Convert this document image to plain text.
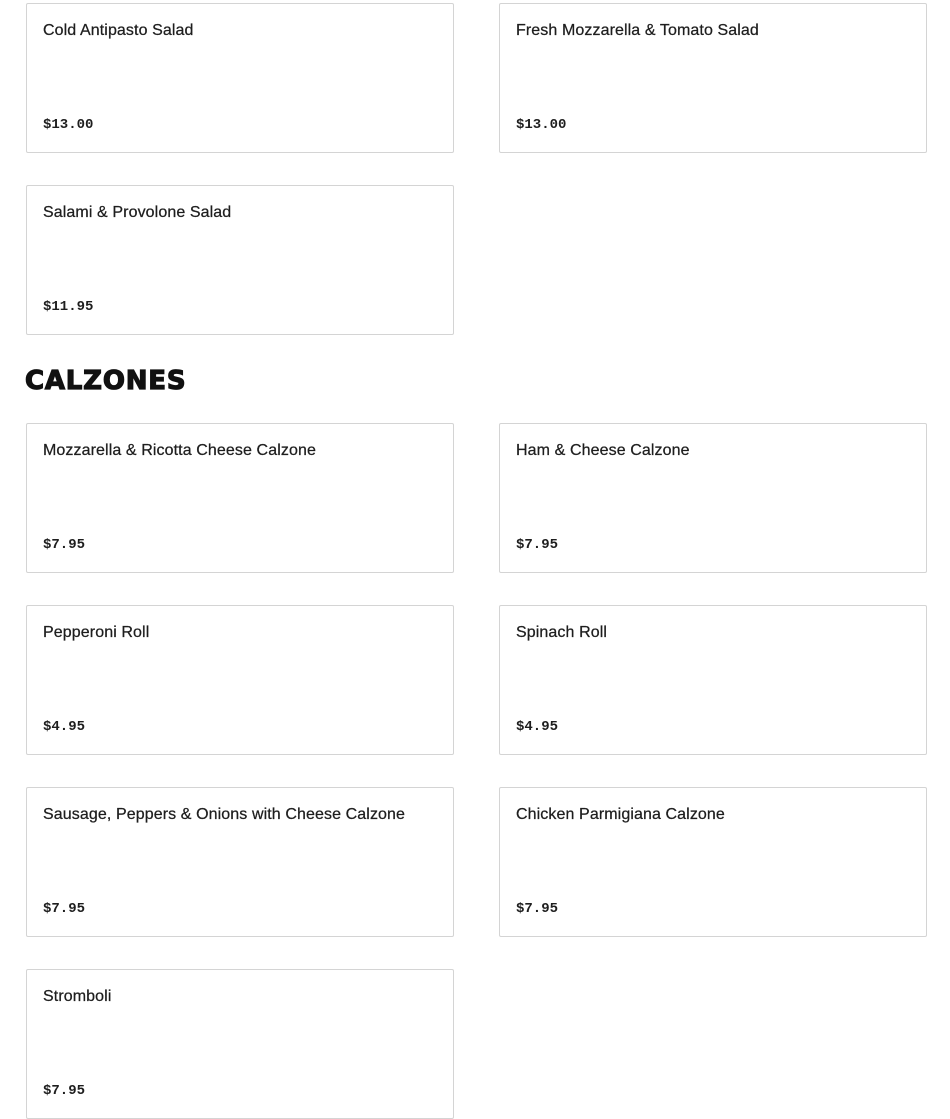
Cold Antipasto Salad
$13.00
Fresh Mozzarella & Tomato Salad
$13.00
Salami & Provolone Salad
$11.95
CALZONES
Mozzarella & Ricotta Cheese Calzone
$7.95
Ham & Cheese Calzone
$7.95
Pepperoni Roll
$4.95
Spinach Roll
$4.95
Sausage, Peppers & Onions with Cheese Calzone
$7.95
Chicken Parmigiana Calzone
$7.95
Stromboli
$7.95
